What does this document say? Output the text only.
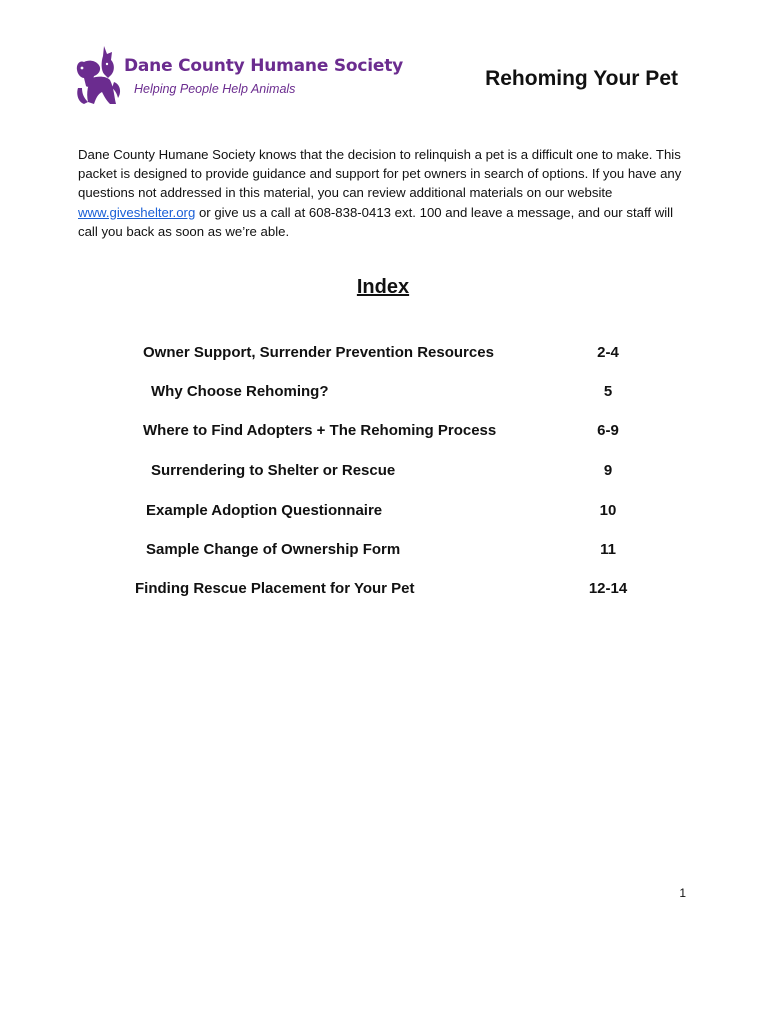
Dane County Humane Society
Helping People Help Animals	Rehoming Your Pet

Dane County Humane Society knows that the decision to relinquish a pet is a difficult one to make. This packet is designed to provide guidance and support for pet owners in search of options. If you have any questions not addressed in this material, you can review additional materials on our website www.giveshelter.org or give us a call at 608-838-0413 ext. 100 and leave a message, and our staff will call you back as soon as we’re able.

Index
Owner Support, Surrender Prevention Resources	2-4
Why Choose Rehoming?	5
Where to Find Adopters + The Rehoming Process	6-9
Surrendering to Shelter or Rescue	9
Example Adoption Questionnaire	10
Sample Change of Ownership Form	11
Finding Rescue Placement for Your Pet	12-14
1
